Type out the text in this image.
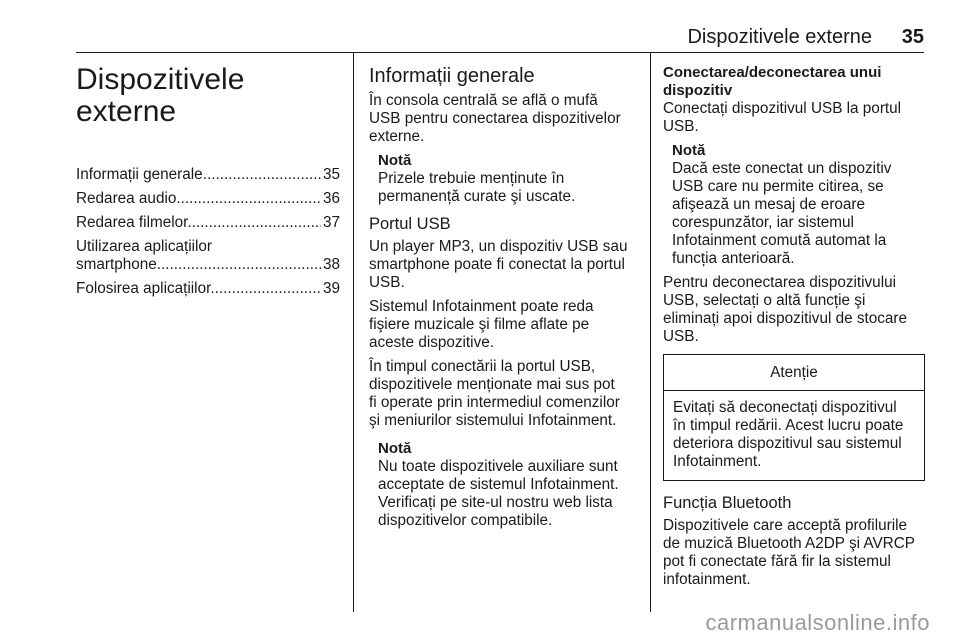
Dispozitivele externe 35
Dispozitivele
externe
Informații generale .....	35
Redarea audio .....	36
Redarea filmelor .....	37

Utilizarea aplicațiilor

smartphone .....	38
Folosirea aplicațiilor .....	39
Informații generale

În consola centrală se află o mufă

USB pentru conectarea dispozitivelor

externe.

Notă

Prizele trebuie menținute în

permanență curate şi uscate.

Portul USB

Un player MP3, un dispozitiv USB sau

smartphone poate fi conectat la portul

USB.

Sistemul Infotainment poate reda

fişiere muzicale şi filme aflate pe

aceste dispozitive.

În timpul conectării la portul USB,

dispozitivele menționate mai sus pot

fi operate prin intermediul comenzilor

şi meniurilor sistemului Infotainment.

Notă

Nu toate dispozitivele auxiliare sunt

acceptate de sistemul Infotainment.

Verificați pe site-ul nostru web lista

dispozitivelor compatibile.

Conectarea/deconectarea unui
dispozitiv

Conectați dispozitivul USB la portul

USB.

Notă

Dacă este conectat un dispozitiv

USB care nu permite citirea, se

afişează un mesaj de eroare

corespunzător, iar sistemul

Infotainment comută automat la

funcția anterioară.

Pentru deconectarea dispozitivului

USB, selectați o altă funcție şi

eliminați apoi dispozitivul de stocare

USB.

Atenție

Evitați să deconectați dispozitivul

în timpul redării. Acest lucru poate

deteriora dispozitivul sau sistemul

Infotainment.

Funcția Bluetooth

Dispozitivele care acceptă profilurile

de muzică Bluetooth A2DP şi AVRCP

pot fi conectate fără fir la sistemul

infotainment.

carmanualsonline.info
